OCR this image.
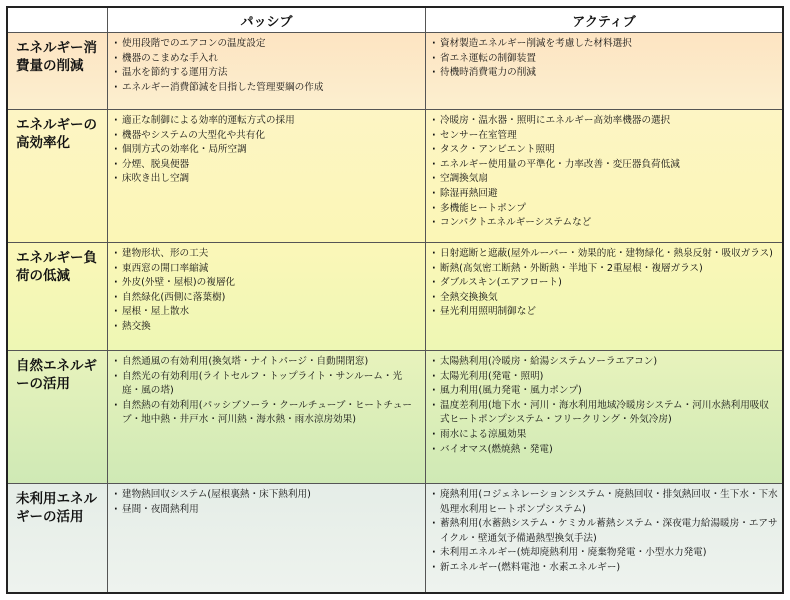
パッシブ	アクティブ
エネルギー消費量の削減
· 使用段階でのエアコンの温度設定
· 機器のこまめな手入れ
· 温水を節約する運用方法
· エネルギー消費節減を目指した管理要綱の作成
· 資材製造エネルギー削減を考慮した材料選択
· 省エネ運転の制御装置
· 待機時消費電力の削減
エネルギーの高効率化
· 適正な制御による効率的運転方式の採用
· 機器やシステムの大型化や共有化
· 個別方式の効率化・局所空調
· 分煙、脱臭便器
· 床吹き出し空調
· 冷暖房・温水器・照明にエネルギー高効率機器の選択
· センサー在室管理
· タスク・アンビエント照明
· エネルギー使用量の平準化・力率改善・変圧器負荷低減
· 空調換気扇
· 除湿再熱回避
· 多機能ヒートポンプ
· コンパクトエネルギーシステムなど
エネルギー負荷の低減
· 建物形状、形の工夫
· 東西窓の開口率縮減
· 外皮(外壁・屋根)の複層化
· 自然緑化(西側に落葉樹)
· 屋根・屋上散水
· 熱交換
· 日射遮断と遮蔽(屋外ルーバー・効果的庇・建物緑化・熱泉反射・吸収ガラス)
· 断熱(高気密工断熱・外断熱・半地下・2重屋根・複層ガラス)
· ダブルスキン(エアフロート)
· 全熱交換換気
· 昼光利用照明制御など
自然エネルギーの活用
· 自然通風の有効利用(換気塔・ナイトパージ・自動開閉窓)
· 自然光の有効利用(ライトセルフ・トップライト・サンルーム・光庭・風の塔)
· 自然熱の有効利用(パッシブソーラ・クールチューブ・ヒートチューブ・地中熱・井戸水・河川熱・海水熱・雨水涼房効果)
· 太陽熱利用(冷暖房・給湯システムソーラエアコン)
· 太陽光利用(発電・照明)
· 風力利用(風力発電・風力ポンプ)
· 温度差利用(地下水・河川・海水利用地域冷暖房システム・河川水熱利用吸収式ヒートポンプシステム・フリークリング・外気冷房)
· 雨水による涼風効果
· バイオマス(燃焼熱・発電)
未利用エネルギーの活用
· 建物熱回収システム(屋根裏熱・床下熱利用)
· 昼間・夜間熱利用
· 廃熱利用(コジェネレーションシステム・廃熱回収・排気熱回収・生下水・下水処理水利用ヒートポンプシステム)
· 蓄熱利用(水蓄熱システム・ケミカル蓄熱システム・深夜電力給湯暖房・エアサイクル・壁通気予備過熱型換気手法)
· 未利用エネルギー(焼却廃熱利用・廃棄物発電・小型水力発電)
· 新エネルギー(燃料電池・水素エネルギー)
